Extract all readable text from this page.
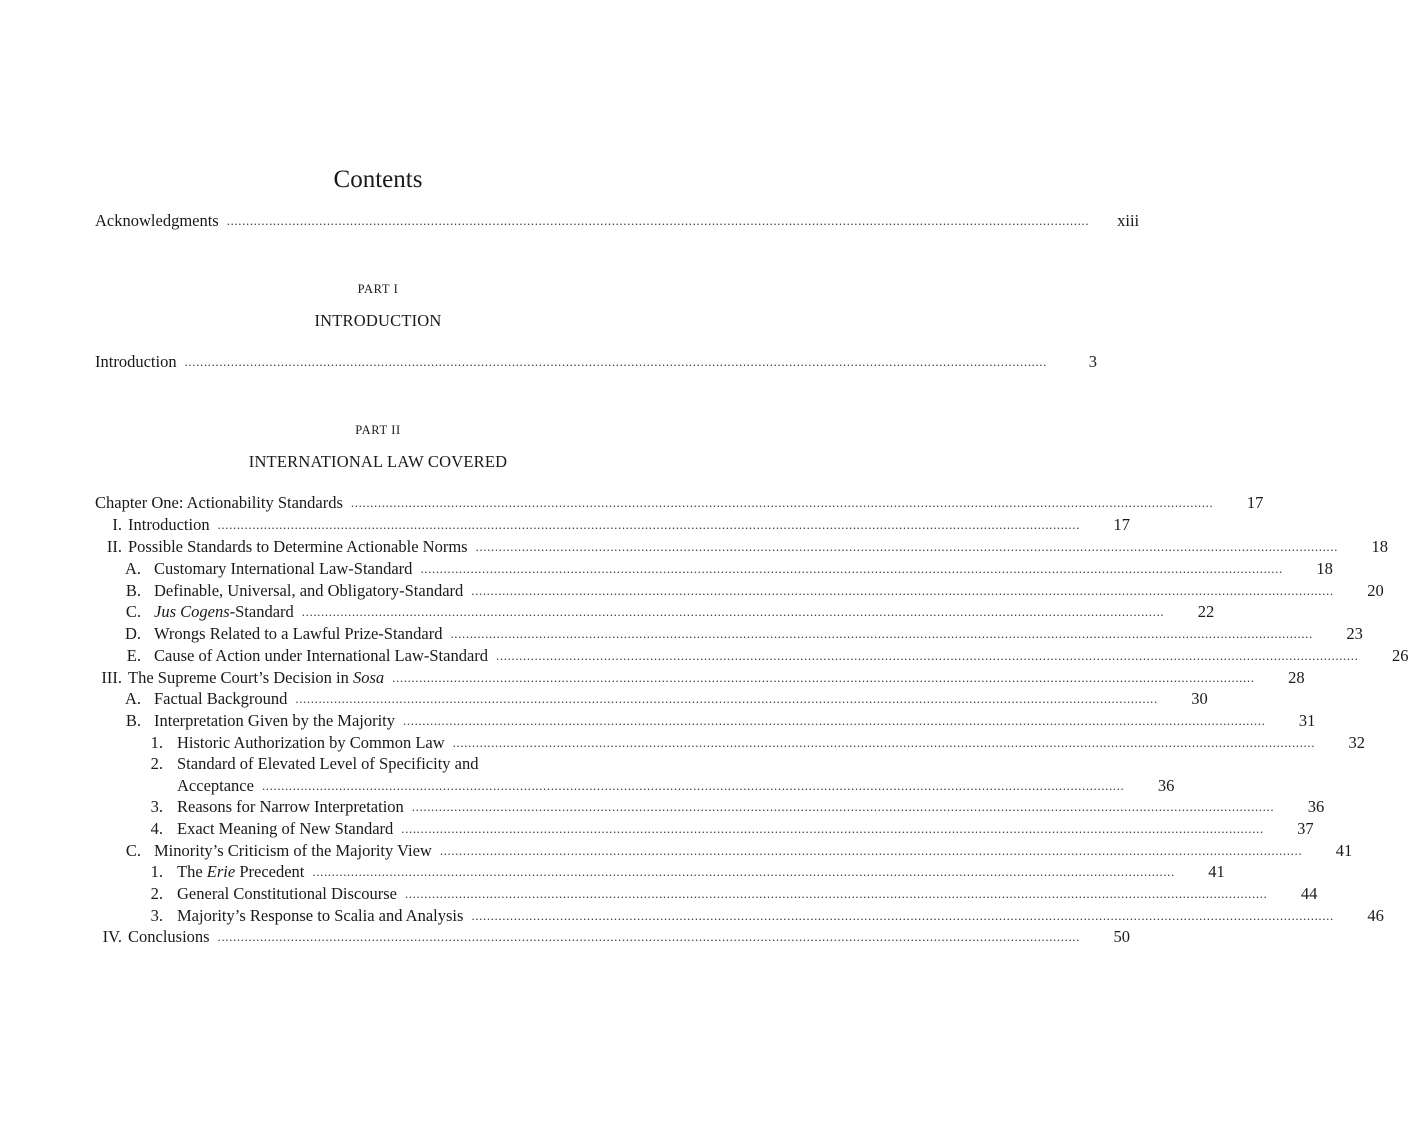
Contents
Acknowledgments .....	xiii
PART I
INTRODUCTION
Introduction .....	3
PART II
INTERNATIONAL LAW COVERED
Chapter One: Actionability Standards .....	17
I. Introduction .....	17
II. Possible Standards to Determine Actionable Norms .....	18
A. Customary International Law-Standard .....	18
B. Definable, Universal, and Obligatory-Standard .....	20
C. Jus Cogens-Standard .....	22
D. Wrongs Related to a Lawful Prize-Standard .....	23
E. Cause of Action under International Law-Standard .....	26
III. The Supreme Court’s Decision in Sosa .....	28
A. Factual Background .....	30
B. Interpretation Given by the Majority .....	31
1. Historic Authorization by Common Law .....	32
2. Standard of Elevated Level of Specificity and
Acceptance .....	36
3. Reasons for Narrow Interpretation .....	36
4. Exact Meaning of New Standard .....	37
C. Minority’s Criticism of the Majority View .....	41
1. The Erie Precedent .....	41
2. General Constitutional Discourse .....	44
3. Majority’s Response to Scalia and Analysis .....	46
IV. Conclusions .....	50
